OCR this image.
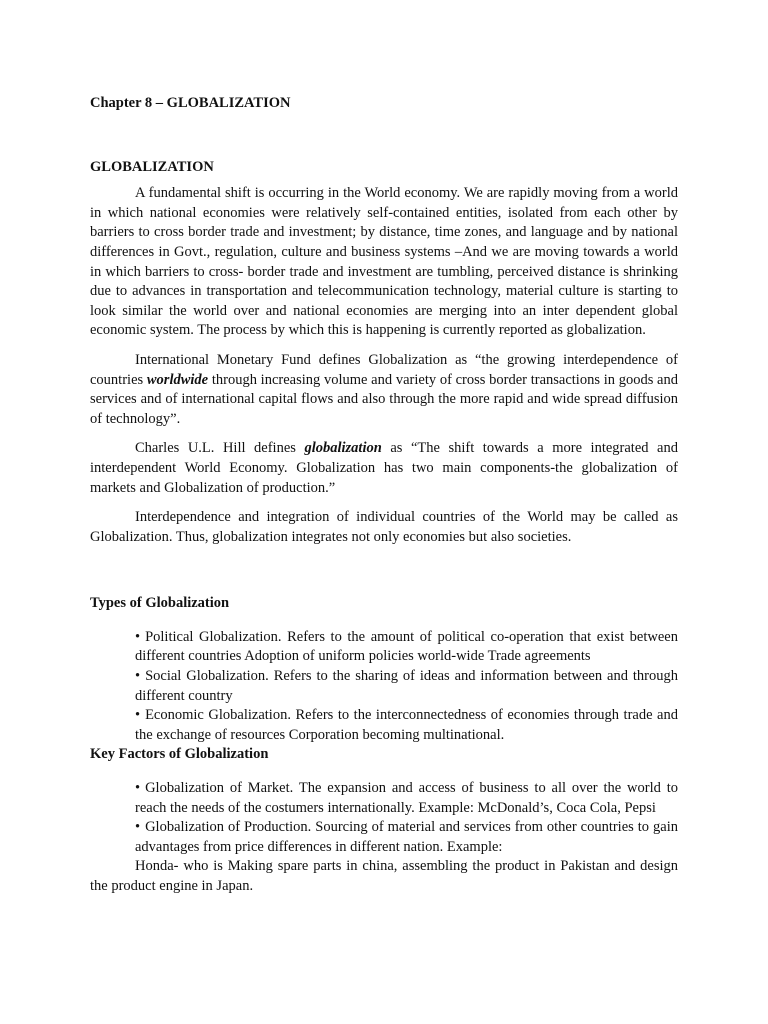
Chapter 8 – GLOBALIZATION

GLOBALIZATION

A fundamental shift is occurring in the World economy. We are rapidly moving from a world in which national economies were relatively self-contained entities, isolated from each other by barriers to cross border trade and investment; by distance, time zones, and language and by national differences in Govt., regulation, culture and business systems –And we are moving towards a world in which barriers to cross- border trade and investment are tumbling, perceived distance is shrinking due to advances in transportation and telecommunication technology, material culture is starting to look similar the world over and national economies are merging into an inter dependent global economic system. The process by which this is happening is currently reported as globalization.

International Monetary Fund defines Globalization as “the growing interdependence of countries worldwide through increasing volume and variety of cross border transactions in goods and services and of international capital flows and also through the more rapid and wide spread diffusion of technology”.

Charles U.L. Hill defines globalization as “The shift towards a more integrated and interdependent World Economy. Globalization has two main components-the globalization of markets and Globalization of production.”

Interdependence and integration of individual countries of the World may be called as Globalization. Thus, globalization integrates not only economies but also societies.

Types of Globalization

• Political Globalization. Refers to the amount of political co-operation that exist between different countries Adoption of uniform policies world-wide Trade agreements
• Social Globalization. Refers to the sharing of ideas and information between and through different country
• Economic Globalization. Refers to the interconnectedness of economies through trade and the exchange of resources Corporation becoming multinational.

Key Factors of Globalization

• Globalization of Market. The expansion and access of business to all over the world to reach the needs of the costumers internationally. Example: McDonald’s, Coca Cola, Pepsi
• Globalization of Production. Sourcing of material and services from other countries to gain advantages from price differences in different nation. Example:

Honda- who is Making spare parts in china, assembling the product in Pakistan and design the product engine in Japan.
